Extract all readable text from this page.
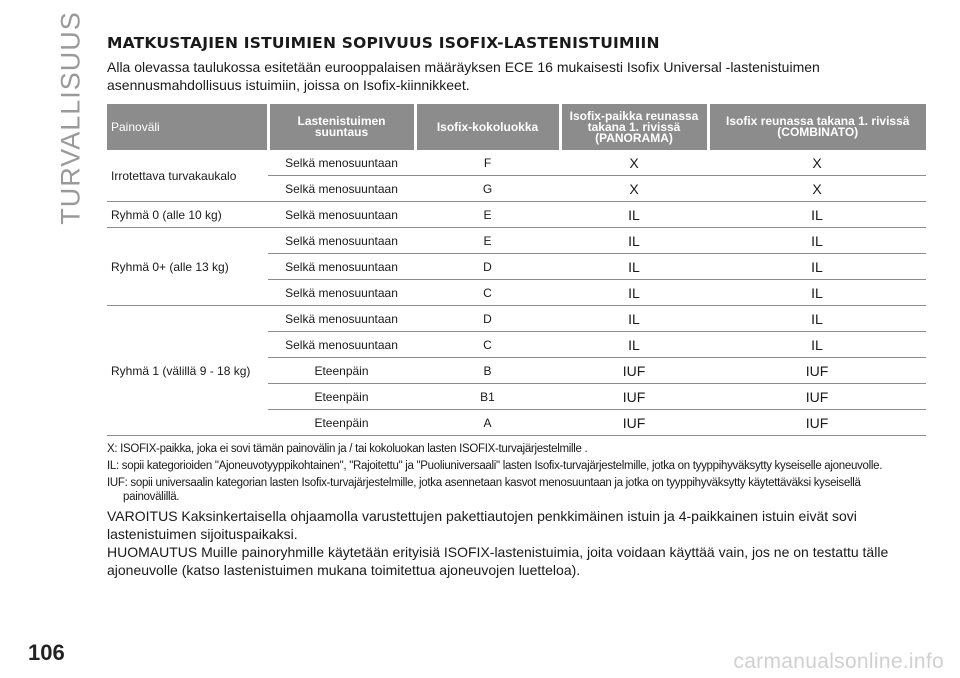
TURVALLISUUS MATKUSTAJIEN ISTUIMIEN SOPIVUUS ISOFIX-LASTENISTUIMIIN

Alla olevassa taulukossa esitetään eurooppalaisen määräyksen ECE 16 mukaisesti Isofix Universal -lastenistuimen asennusmahdollisuus istuimiin, joissa on Isofix-kiinnikkeet.

Painoväli	Lastenistuimen suuntaus	Isofix-kokoluokka	Isofix-paikka reunassa takana 1. rivissä (PANORAMA)	Isofix reunassa takana 1. rivissä (COMBINATO)
Irrotettava turvakaukalo	Selkä menosuuntaan	F	X	X
	Selkä menosuuntaan	G	X	X
Ryhmä 0 (alle 10 kg)	Selkä menosuuntaan	E	IL	IL
Ryhmä 0+ (alle 13 kg)	Selkä menosuuntaan	E	IL	IL
	Selkä menosuuntaan	D	IL	IL
	Selkä menosuuntaan	C	IL	IL
Ryhmä 1 (välillä 9 - 18 kg)	Selkä menosuuntaan	D	IL	IL
	Selkä menosuuntaan	C	IL	IL
	Eteenpäin	B	IUF	IUF
	Eteenpäin	B1	IUF	IUF
	Eteenpäin	A	IUF	IUF

X: ISOFIX-paikka, joka ei sovi tämän painovälin ja / tai kokoluokan lasten ISOFIX-turvajärjestelmille .

IL: sopii kategorioiden "Ajoneuvotyyppikohtainen", "Rajoitettu" ja "Puoliuniversaali" lasten Isofix-turvajärjestelmille, jotka on tyyppihyväksytty kyseiselle ajoneuvolle.

IUF: sopii universaalin kategorian lasten Isofix-turvajärjestelmille, jotka asennetaan kasvot menosuuntaan ja jotka on tyyppihyväksytty käytettäväksi kyseisellä

painovälillä.

VAROITUS Kaksinkertaisella ohjaamolla varustettujen pakettiautojen penkkimäinen istuin ja 4-paikkainen istuin eivät sovi lastenistuimen sijoituspaikaksi.

HUOMAUTUS Muille painoryhmille käytetään erityisiä ISOFIX-lastenistuimia, joita voidaan käyttää vain, jos ne on testattu tälle ajoneuvolle (katso lastenistuimen mukana toimitettua ajoneuvojen luetteloa).

106	carmanualsonline.info
